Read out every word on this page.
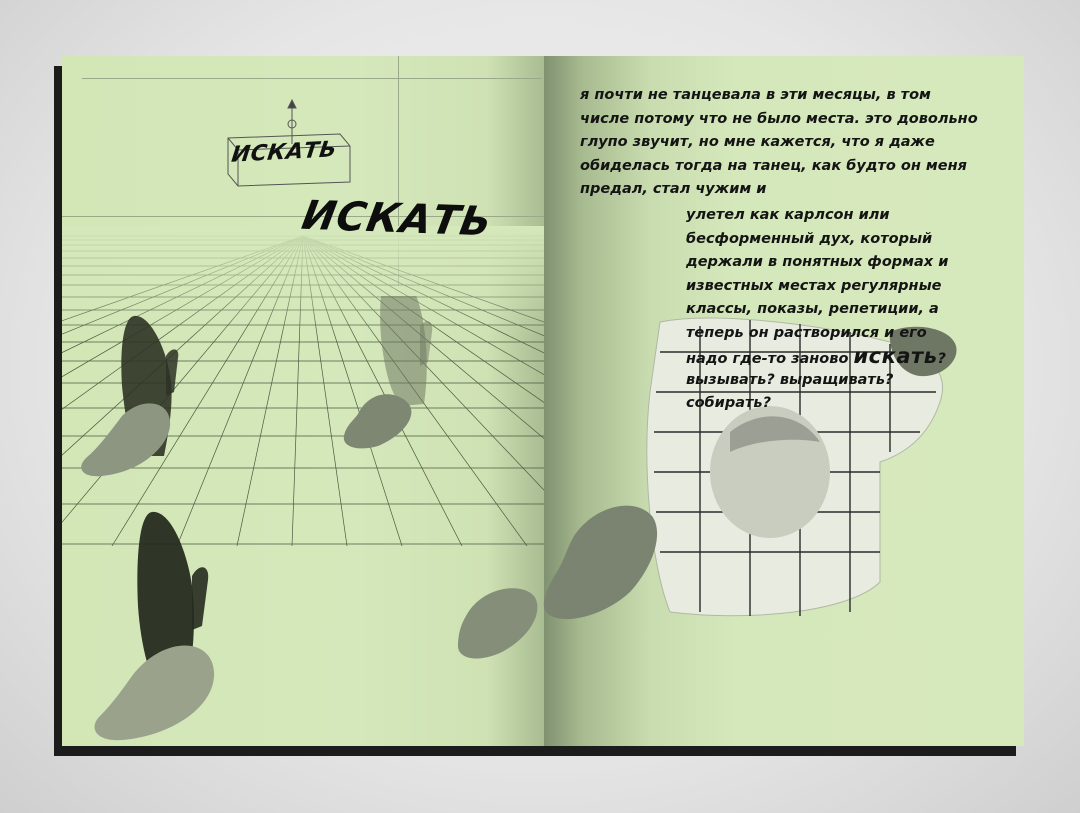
ИСКАТЬ
ИСКАТЬ
я почти не танцевала в эти месяцы, в том
числе потому что не было места. это довольно
глупо звучит, но мне кажется, что я даже
обиделась тогда на танец, как будто он меня
предал, стал чужим и
улетел как карлсон или
бесформенный дух, который
держали в понятных формах и
известных местах регулярные
классы, показы, репетиции, а
теперь он растворился и его
надо где-то заново искать?
вызывать? выращивать?
собирать?
